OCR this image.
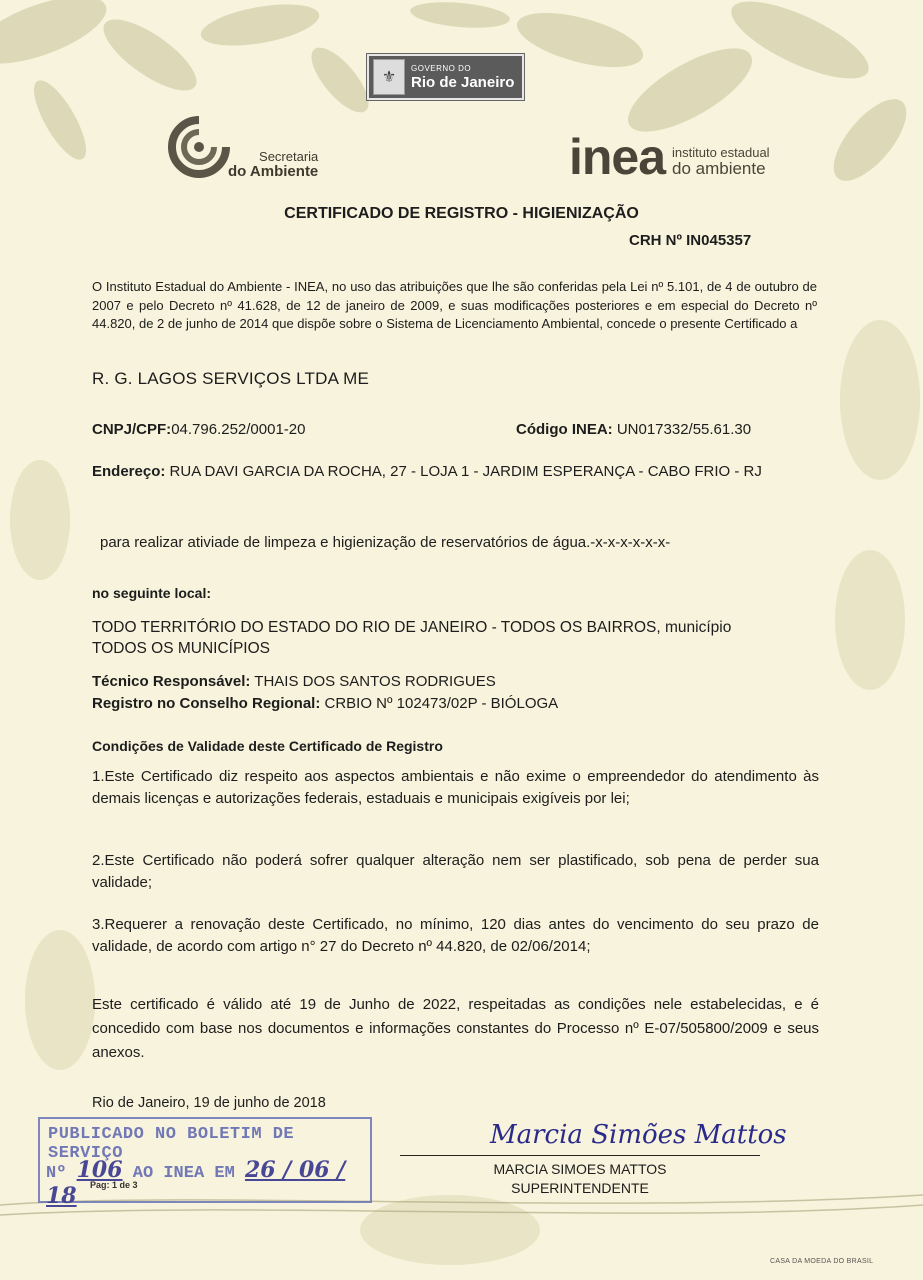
⚜
GOVERNO DO
Rio de Janeiro
Secretaria
do Ambiente	inea instituto estadual
do ambiente
CERTIFICADO DE REGISTRO - HIGIENIZAÇÃO
CRH Nº IN045357
O Instituto Estadual do Ambiente - INEA, no uso das atribuições que lhe são conferidas pela Lei nº 5.101, de 4 de outubro de 2007 e pelo Decreto nº 41.628, de 12 de janeiro de 2009, e suas modificações posteriores e em especial do Decreto nº 44.820, de 2 de junho de 2014 que dispõe sobre o Sistema de Licenciamento Ambiental, concede o presente Certificado a
R. G. LAGOS SERVIÇOS LTDA ME
CNPJ/CPF:04.796.252/0001-20	Código INEA: UN017332/55.61.30
Endereço: RUA DAVI GARCIA DA ROCHA, 27 - LOJA 1 - JARDIM ESPERANÇA - CABO FRIO - RJ
para realizar ativiade de limpeza e higienização de reservatórios de água.-x-x-x-x-x-x-
no seguinte local:
TODO TERRITÓRIO DO ESTADO DO RIO DE JANEIRO - TODOS OS BAIRROS, município TODOS OS MUNICÍPIOS
Técnico Responsável: THAIS DOS SANTOS RODRIGUES
Registro no Conselho Regional: CRBIO Nº 102473/02P - BIÓLOGA
Condições de Validade deste Certificado de Registro
1.Este Certificado diz respeito aos aspectos ambientais e não exime o empreendedor do atendimento às demais licenças e autorizações federais, estaduais e municipais exigíveis por lei;
2.Este Certificado não poderá sofrer qualquer alteração nem ser plastificado, sob pena de perder sua validade;
3.Requerer a renovação deste Certificado, no mínimo, 120 dias antes do vencimento do seu prazo de validade, de acordo com artigo n° 27 do Decreto nº 44.820, de 02/06/2014;
Este certificado é válido até 19 de Junho de 2022, respeitadas as condições nele estabelecidas, e é concedido com base nos documentos e informações constantes do Processo nº E-07/505800/2009 e seus anexos.
Rio de Janeiro, 19 de junho de 2018
Marcia Simões Mattos
MARCIA SIMOES MATTOS
SUPERINTENDENTE
PUBLICADO NO BOLETIM DE SERVIÇO
Nº 106 AO INEA EM 26 / 06 / 18	Pag: 1 de 3
CASA DA MOEDA DO BRASIL
